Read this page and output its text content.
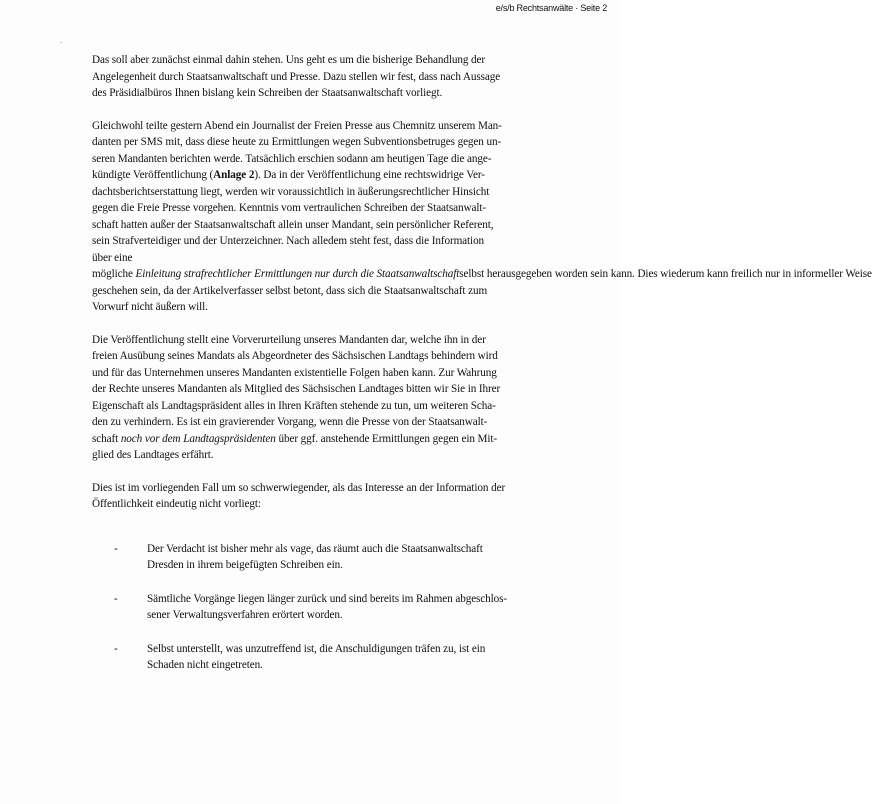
e/s/b Rechtsanwälte · Seite 2
-

Das soll aber zunächst einmal dahin stehen. Uns geht es um die bisherige Behandlung der
Angelegenheit durch Staatsanwaltschaft und Presse. Dazu stellen wir fest, dass nach Aussage
des Präsidialbüros Ihnen bislang kein Schreiben der Staatsanwaltschaft vorliegt.

Gleichwohl teilte gestern Abend ein Journalist der Freien Presse aus Chemnitz unserem Man-
danten per SMS mit, dass diese heute zu Ermittlungen wegen Subventionsbetruges gegen un-
seren Mandanten berichten werde. Tatsächlich erschien sodann am heutigen Tage die ange-
kündigte Veröffentlichung (Anlage 2). Da in der Veröffentlichung eine rechtswidrige Ver-
dachtsberichtserstattung liegt, werden wir voraussichtlich in äußerungsrechtlicher Hinsicht
gegen die Freie Presse vorgehen. Kenntnis vom vertraulichen Schreiben der Staatsanwalt-
schaft hatten außer der Staatsanwaltschaft allein unser Mandant, sein persönlicher Referent,
sein Strafverteidiger und der Unterzeichner. Nach alledem steht fest, dass die Information
über eine
mögliche Einleitung strafrechtlicher Ermittlungen nur durch die Staatsanwaltschaftselbst herausgegeben worden sein kann. Dies wiederum kann freilich nur in informeller Weise
geschehen sein, da der Artikelverfasser selbst betont, dass sich die Staatsanwaltschaft zum
Vorwurf nicht äußern will.

Die Veröffentlichung stellt eine Vorverurteilung unseres Mandanten dar, welche ihn in der
freien Ausübung seines Mandats als Abgeordneter des Sächsischen Landtags behindern wird
und für das Unternehmen unseres Mandanten existentielle Folgen haben kann. Zur Wahrung
der Rechte unseres Mandanten als Mitglied des Sächsischen Landtages bitten wir Sie in Ihrer
Eigenschaft als Landtagspräsident alles in Ihren Kräften stehende zu tun, um weiteren Scha-
den zu verhindern. Es ist ein gravierender Vorgang, wenn die Presse von der Staatsanwalt-
schaft noch vor dem Landtagspräsidenten über ggf. anstehende Ermittlungen gegen ein Mit-
glied des Landtages erfährt.

Dies ist im vorliegenden Fall um so schwerwiegender, als das Interesse an der Information der
Öffentlichkeit eindeutig nicht vorliegt:

-	Der Verdacht ist bisher mehr als vage, das räumt auch die Staatsanwaltschaft
Dresden in ihrem beigefügten Schreiben ein.
-	Sämtliche Vorgänge liegen länger zurück und sind bereits im Rahmen abgeschlos-
sener Verwaltungsverfahren erörtert worden.
-	Selbst unterstellt, was unzutreffend ist, die Anschuldigungen träfen zu, ist ein
Schaden nicht eingetreten.
